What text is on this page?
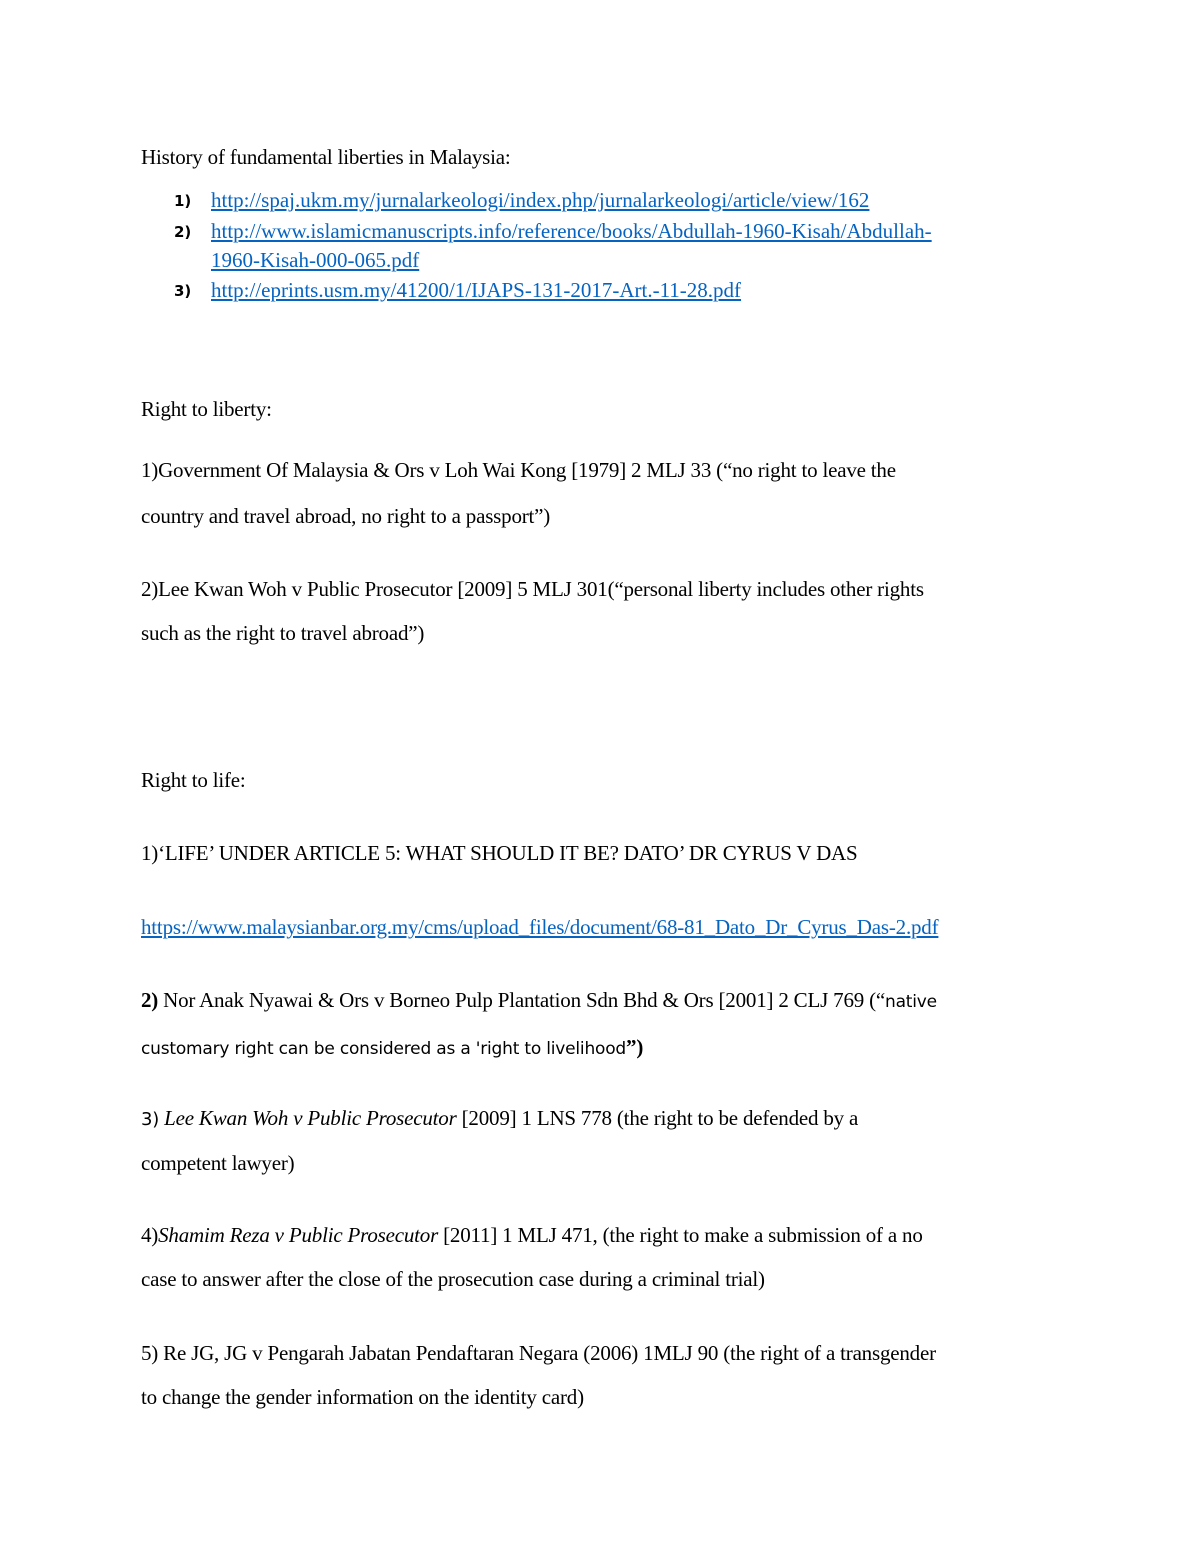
History of fundamental liberties in Malaysia:
1) http://spaj.ukm.my/jurnalarkeologi/index.php/jurnalarkeologi/article/view/162
2) http://www.islamicmanuscripts.info/reference/books/Abdullah-1960-Kisah/Abdullah-
1960-Kisah-000-065.pdf
3) http://eprints.usm.my/41200/1/IJAPS-131-2017-Art.-11-28.pdf
Right to liberty:
1)Government Of Malaysia & Ors v Loh Wai Kong [1979] 2 MLJ 33 (“no right to leave the
country and travel abroad, no right to a passport”)
2)Lee Kwan Woh v Public Prosecutor [2009] 5 MLJ 301(“personal liberty includes other rights
such as the right to travel abroad”)
Right to life:
1)‘LIFE’ UNDER ARTICLE 5: WHAT SHOULD IT BE? DATO’ DR CYRUS V DAS
https://www.malaysianbar.org.my/cms/upload_files/document/68-81_Dato_Dr_Cyrus_Das-2.pdf
2) Nor Anak Nyawai & Ors v Borneo Pulp Plantation Sdn Bhd & Ors [2001] 2 CLJ 769 (“native
customary right can be considered as a 'right to livelihood”)
3) Lee Kwan Woh v Public Prosecutor [2009] 1 LNS 778 (the right to be defended by a
competent lawyer)
4)Shamim Reza v Public Prosecutor [2011] 1 MLJ 471, (the right to make a submission of a no
case to answer after the close of the prosecution case during a criminal trial)
5) Re JG, JG v Pengarah Jabatan Pendaftaran Negara (2006) 1MLJ 90 (the right of a transgender
to change the gender information on the identity card)
